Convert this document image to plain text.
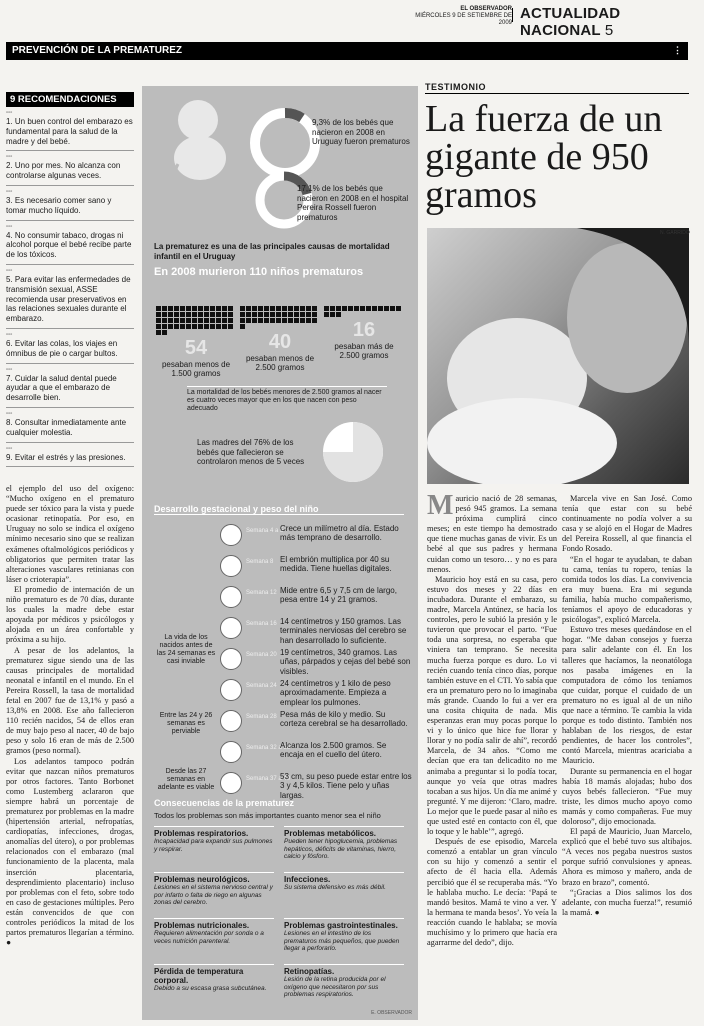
EL OBSERVADOR
MIÉRCOLES 9 DE SETIEMBRE DE 2009
ACTUALIDAD NACIONAL 5
PREVENCIÓN DE LA PREMATUREZ	⋮
9 RECOMENDACIONES
▫▫▫
1. Un buen control del embarazo es fundamental para la salud de la madre y del bebé.
▫▫▫
2. Uno por mes. No alcanza con controlarse algunas veces.
▫▫▫
3. Es necesario comer sano y tomar mucho líquido.
▫▫▫
4. No consumir tabaco, drogas ni alcohol porque el bebé recibe parte de los tóxicos.
▫▫▫
5. Para evitar las enfermedades de transmisión sexual, ASSE recomienda usar preservativos en las relaciones sexuales durante el embarazo.
▫▫▫
6. Evitar las colas, los viajes en ómnibus de pie o cargar bultos.
▫▫▫
7. Cuidar la salud dental puede ayudar a que el embarazo de desarrolle bien.
▫▫▫
8. Consultar inmediatamente ante cualquier molestia.
▫▫▫
9. Evitar el estrés y las presiones.

el ejemplo del uso del oxígeno: “Mucho oxígeno en el prematuro puede ser tóxico para la vista y puede ocasionar retinopatía. Por eso, en Uruguay no solo se indica el oxígeno mínimo necesario sino que se realizan exámenes oftalmológicos periódicos y obligatorios que permiten tratar las alteraciones vasculares retinianas con láser o crioterapia”.

El promedio de internación de un niño prematuro es de 70 días, durante los cuales la madre debe estar apoyada por médicos y psicólogos y alojada en un área confortable y próxima a su hijo.

A pesar de los adelantos, la prematurez sigue siendo una de las causas principales de mortalidad neonatal e infantil en el mundo. En el Pereira Rossell, la tasa de mortalidad fetal en 2007 fue de 13,1% y pasó a 13,8% en 2008. Ese año fallecieron 110 recién nacidos, 54 de ellos eran de muy bajo peso al nacer, 40 de bajo peso y solo 16 eran de más de 2.500 gramos (peso normal).

Los adelantos tampoco podrán evitar que nazcan niños prematuros por otros factores. Tanto Borbonet como Lustemberg aclararon que siempre habrá un porcentaje de prematurez por problemas en la madre (hipertensión arterial, nefropatías, cardiopatías, infecciones, drogas, anomalías del útero), o por problemas relacionados con el embarazo (mal funcionamiento de la placenta, mala inserción placentaria, desprendimiento placentario) incluso por problemas con el feto, sobre todo en caso de gestaciones múltiples. Pero están convencidos de que con controles periódicos la mitad de los partos prematuros llegarían a término. ●

9,3% de los bebés que nacieron en 2008 en Uruguay fueron prematuros
17,1% de los bebés que nacieron en 2008 en el hospital Pereira Rossell fueron prematuros
La prematurez es una de las principales causas de mortalidad infantil en el Uruguay
En 2008 murieron 110 niños prematuros
54
pesaban menos de 1.500 gramos
40
pesaban menos de 2.500 gramos
16
pesaban más de 2.500 gramos
La mortalidad de los bebés menores de 2.500 gramos al nacer es cuatro veces mayor que en los que nacen con peso adecuado
Las madres del 76% de los bebés que fallecieron se controlaron menos de 5 veces
Desarrollo gestacional y peso del niño
Semana 4 a 5
Crece un milímetro al día. Estado más temprano de desarrollo.
Semana 8 El embrión multiplica por 40 su medida. Tiene huellas digitales.
Semana 12 Mide entre 6,5 y 7,5 cm de largo, pesa entre 14 y 21 gramos.
Semana 16 14 centímetros y 150 gramos. Las terminales nerviosas del cerebro se han desarrollado lo suficiente.
Semana 20 19 centímetros, 340 gramos. Las uñas, párpados y cejas del bebé son visibles.
Semana 24 24 centímetros y 1 kilo de peso aproximadamente. Empieza a emplear los pulmones.
Semana 28 Pesa más de kilo y medio. Su corteza cerebral se ha desarrollado.
Semana 32 a 36
Alcanza los 2.500 gramos. Se encaja en el cuello del útero.
Semana 37 a 40
53 cm, su peso puede estar entre los 3 y 4,5 kilos. Tiene pelo y uñas largas.
La vida de los nacidos antes de las 24 semanas es casi inviable
Entre las 24 y 26 semanas es perviable
Desde las 27 semanas en adelante es viable
Consecuencias de la prematurez
Todos los problemas son más importantes cuanto menor sea el niño
Problemas respiratorios.
Incapacidad para expandir sus pulmones y respirar.
Problemas metabólicos.
Pueden tener hipoglucemia, problemas hepáticos, déficits de vitaminas, hierro, calcio y fósforo.
Problemas neurológicos.
Lesiones en el sistema nervioso central y por infarto o falta de riego en algunas zonas del cerebro.
Infecciones.
Su sistema defensivo es más débil.
Problemas nutricionales.
Requieren alimentación por sonda o a veces nutrición parenteral.
Problemas gastrointestinales.
Lesiones en el intestino de los prematuros más pequeños, que pueden llegar a perforarlo.
Pérdida de temperatura corporal.
Debido a su escasa grasa subcutánea.
Retinopatías.
Lesión de la retina producida por el oxígeno que necesitaron por sus problemas respiratorios.
E. OBSERVADOR
TESTIMONIO
La fuerza de un gigante de 950 gramos
N. GARRIDO
M auricio nació de 28 semanas, pesó 945 gramos. La semana próxima cumplirá cinco meses; en este tiempo ha demostrado que tiene muchas ganas de vivir. Es un bebé al que sus padres y hermana cuidan como un tesoro… y no es para menos.

Mauricio hoy está en su casa, pero estuvo dos meses y 22 días en incubadora. Durante el embarazo, su madre, Marcela Antúnez, se hacía los controles, pero le subió la presión y le tuvieron que provocar el parto. “Fue toda una sorpresa, no esperaba que viniera tan temprano. Se necesita mucha fuerza porque es duro. Lo vi recién cuando tenía cinco días, porque también estuve en el CTI. Yo sabía que era un prematuro pero no lo imaginaba más grande. Cuando lo fui a ver era una cosita chiquita de nada. Mis esperanzas eran muy pocas porque lo vi y lo único que hice fue llorar y llorar y no podía salir de ahí”, recordó Marcela, de 34 años. “Como me decían que era tan delicadito no me animaba a preguntar si lo podía tocar, aunque yo veía que otras madres tocaban a sus hijos. Un día me animé y pregunté. Y me dijeron: ‘Claro, madre. Lo mejor que le puede pasar al niño es que usted esté en contacto con él, que lo toque y le hable’”, agregó.

Después de ese episodio, Marcela comenzó a entablar un gran vínculo con su hijo y comenzó a sentir el afecto de él hacia ella. Además percibió que él se recuperaba más. “Yo le hablaba mucho. Le decía: ‘Papá te mandó besitos. Mamá te vino a ver. Y la hermana te manda besos’. Yo veía la reacción cuando le hablaba; se movía muchísimo y lo primero que hacía era agarrarme del dedo”, dijo.

Marcela vive en San José. Como tenía que estar con su bebé continuamente no podía volver a su casa y se alojó en el Hogar de Madres del Pereira Rossell, al que financia el Fondo Rosado.

“En el hogar te ayudaban, te daban tu cama, tenías tu ropero, tenías la comida todos los días. La convivencia era muy buena. Era mi segunda familia, había mucho compañerismo, teníamos el apoyo de educadoras y psicólogas”, explicó Marcela.

Estuvo tres meses quedándose en el hogar. “Me daban consejos y fuerza para salir adelante con él. En los talleres que hacíamos, la neonatóloga nos pasaba imágenes en la computadora de cómo los teníamos que cuidar, porque el cuidado de un prematuro no es igual al de un niño que nace a término. Te cambia la vida porque es todo distinto. También nos hablaban de los riesgos, de estar pendientes, de hacer los controles”, contó Marcela, mientras acariciaba a Mauricio.

Durante su permanencia en el hogar había 18 mamás alojadas; hubo dos cuyos bebés fallecieron. “Fue muy triste, les dimos mucho apoyo como mamás y como compañeras. Fue muy doloroso”, dijo emocionada.

El papá de Mauricio, Juan Marcelo, explicó que el bebé tuvo sus altibajos. “A veces nos pegaba nuestros sustos porque sufrió convulsiones y apneas. Ahora es mimoso y mañero, anda de brazo en brazo”, comentó.

“¡Gracias a Dios salimos los dos adelante, con mucha fuerza!”, resumió la mamá. ●
